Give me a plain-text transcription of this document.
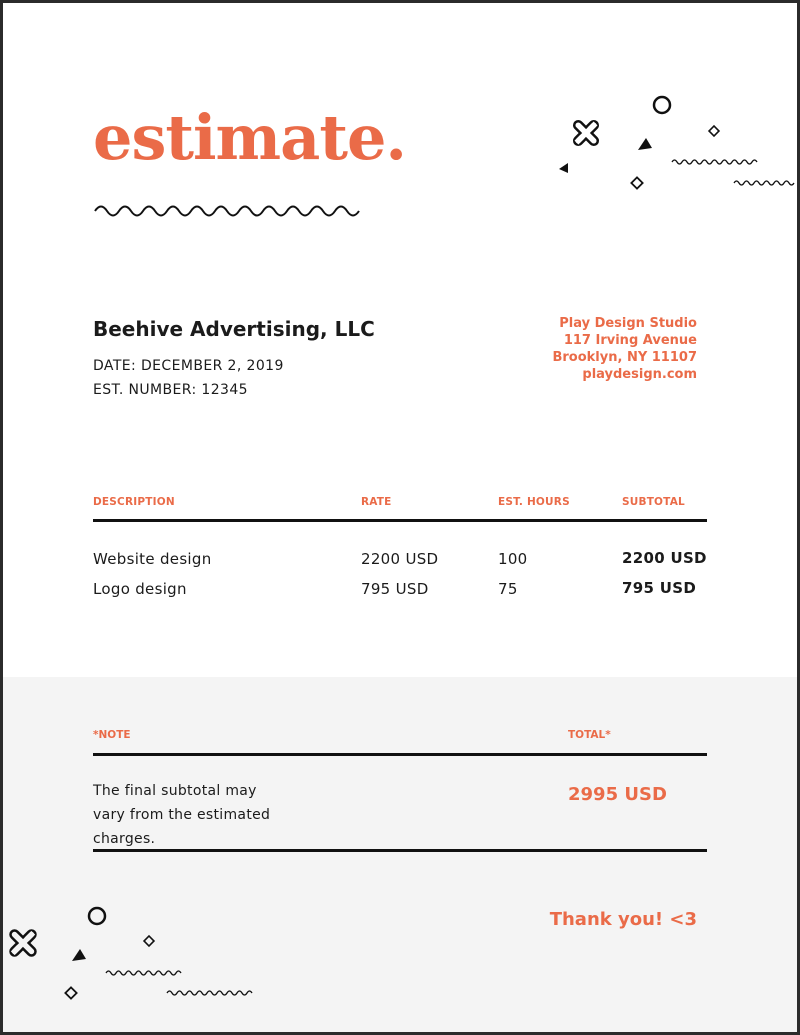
estimate.
Beehive Advertising, LLC
DATE: DECEMBER 2, 2019
EST. NUMBER: 12345
Play Design Studio
117 Irving Avenue
Brooklyn, NY 11107
playdesign.com
DESCRIPTION	RATE	EST. HOURS	SUBTOTAL
Website design	2200 USD	100	2200 USD
Logo design	795 USD	75	795 USD
*NOTE	TOTAL*
The final subtotal may vary from the estimated charges.
2995 USD
Thank you! <3
